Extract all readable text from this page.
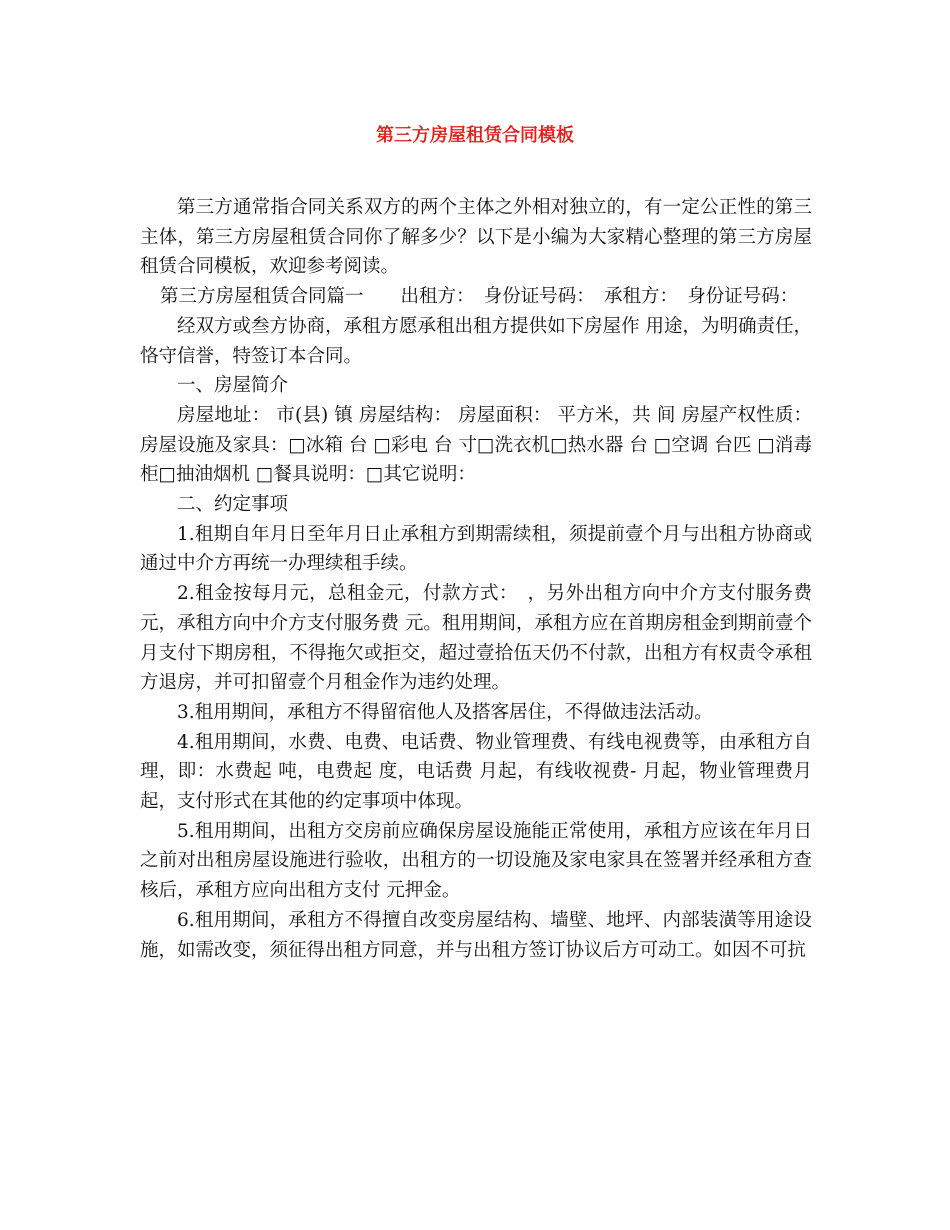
第三方房屋租赁合同模板

第三方通常指合同关系双方的两个主体之外相对独立的，有一定公正性的第三主体，第三方房屋租赁合同你了解多少？以下是小编为大家精心整理的第三方房屋租赁合同模板，欢迎参考阅读。

第三方房屋租赁合同篇一　　出租方：　身份证号码：　承租方：　身份证号码：

经双方或叁方协商，承租方愿承租出租方提供如下房屋作 用途，为明确责任，恪守信誉，特签订本合同。

一、房屋简介

房屋地址： 市(县) 镇 房屋结构： 房屋面积： 平方米，共 间 房屋产权性质：房屋设施及家具：□冰箱 台 □彩电 台 寸□洗衣机□热水器 台 □空调 台匹 □消毒柜□抽油烟机 □餐具说明：□其它说明：

二、约定事项

1.租期自年月日至年月日止承租方到期需续租，须提前壹个月与出租方协商或通过中介方再统一办理续租手续。

2.租金按每月元，总租金元，付款方式：　，另外出租方向中介方支付服务费元，承租方向中介方支付服务费 元。租用期间，承租方应在首期房租金到期前壹个月支付下期房租，不得拖欠或拒交，超过壹拾伍天仍不付款，出租方有权责令承租方退房，并可扣留壹个月租金作为违约处理。

3.租用期间，承租方不得留宿他人及搭客居住，不得做违法活动。

4.租用期间，水费、电费、电话费、物业管理费、有线电视费等，由承租方自理，即：水费起 吨，电费起 度，电话费 月起，有线收视费- 月起，物业管理费月起，支付形式在其他的约定事项中体现。

5.租用期间，出租方交房前应确保房屋设施能正常使用，承租方应该在年月日之前对出租房屋设施进行验收，出租方的一切设施及家电家具在签署并经承租方查核后，承租方应向出租方支付 元押金。

6.租用期间，承租方不得擅自改变房屋结构、墙壁、地坪、内部装潢等用途设施，如需改变，须征得出租方同意，并与出租方签订协议后方可动工。如因不可抗
